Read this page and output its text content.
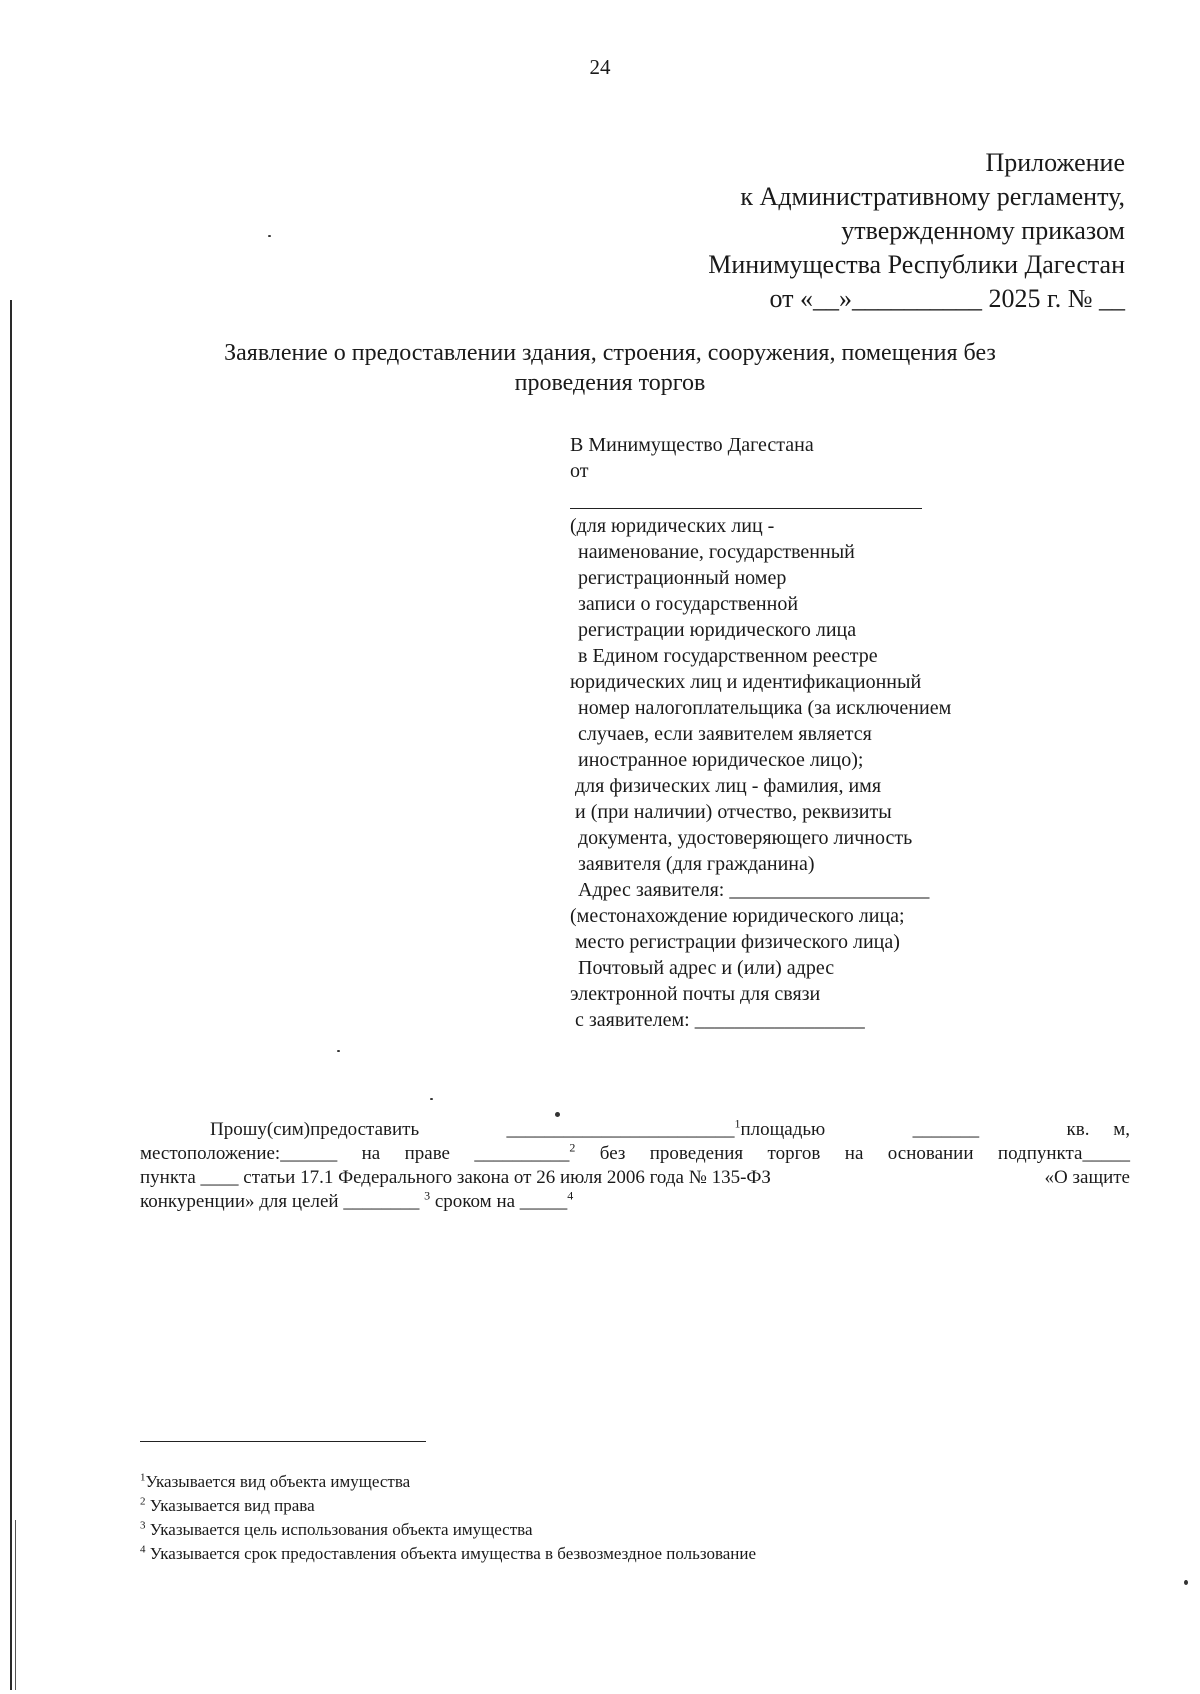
24
Приложение
к Административному регламенту,
утвержденному приказом
Минимущества Республики Дагестан
от «__»__________ 2025 г. № __
Заявление о предоставлении здания, строения, сооружения, помещения без
проведения торгов
В Минимущество Дагестана
от
(для юридических лиц -
наименование, государственный
регистрационный номер
записи о государственной
регистрации юридического лица
в Едином государственном реестре
юридических лиц и идентификационный
номер налогоплательщика (за исключением
случаев, если заявителем является
иностранное юридическое лицо);
для физических лиц - фамилия, имя
и (при наличии) отчество, реквизиты
документа, удостоверяющего личность
заявителя (для гражданина)
Адрес заявителя: ____________________
(местонахождение юридического лица;
место регистрации физического лица)
Почтовый адрес и (или) адрес
электронной почты для связи
с заявителем: _________________
Прошу(сим)предоставить	________________________$^1$площадью	_______	кв. м,
местоположение:______ на праве __________$^2$ без проведения торгов на основании подпункта_____
пункта ____ статьи 17.1 Федерального закона от 26 июля 2006 года № 135-ФЗ	«О защите
конкуренции» для целей ________ $^3$ сроком на _____$^4$
$^1$Указывается вид объекта имущества
$^2$ Указывается вид права
$^3$ Указывается цель использования объекта имущества
$^4$ Указывается срок предоставления объекта имущества в безвозмездное пользование
